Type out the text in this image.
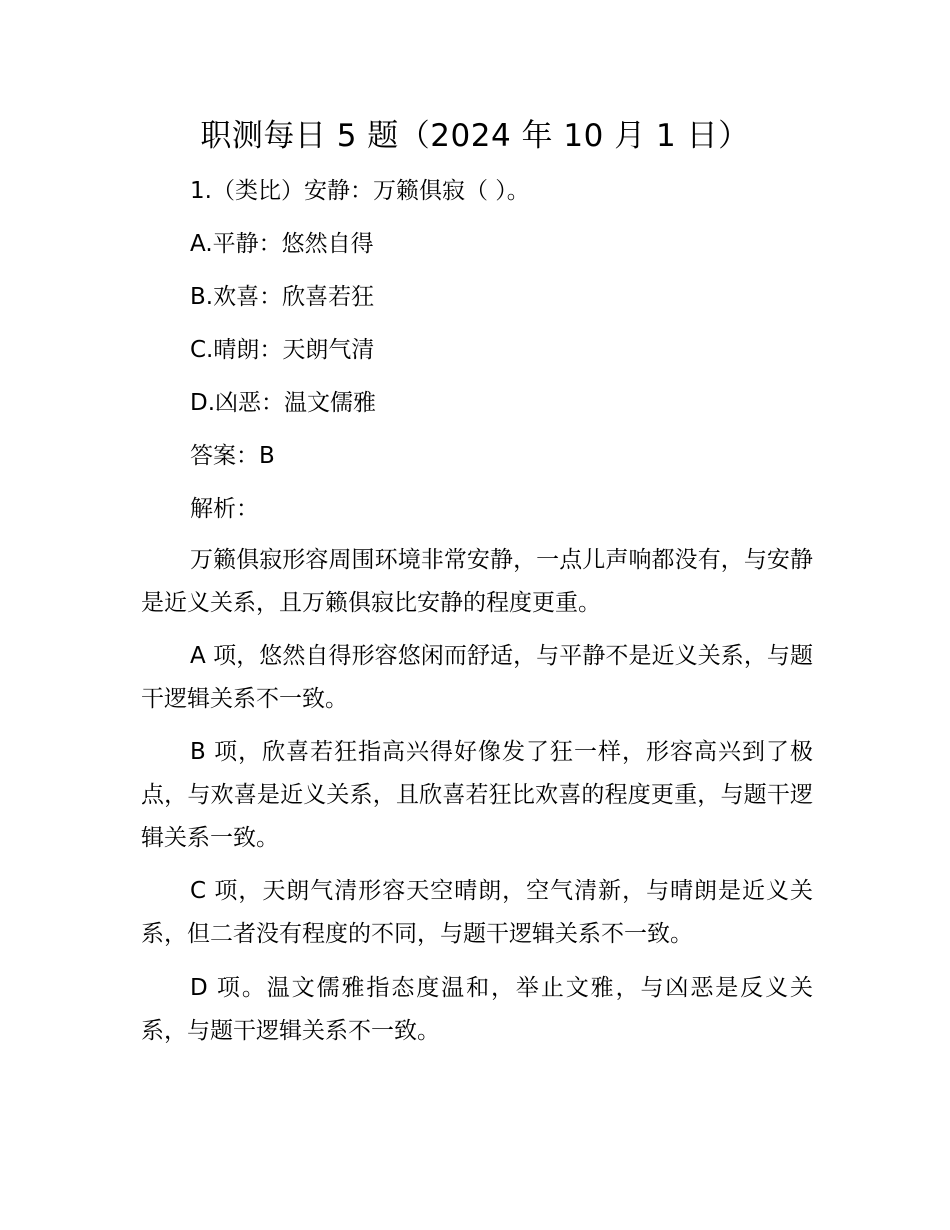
职测每日 5 题（2024 年 10 月 1 日）
1.（类比）安静：万籁俱寂（ ）。
A.平静：悠然自得
B.欢喜：欣喜若狂
C.晴朗：天朗气清
D.凶恶：温文儒雅
答案：B
解析：
万籁俱寂形容周围环境非常安静，一点儿声响都没有，与安静是近义关系，且万籁俱寂比安静的程度更重。
A 项，悠然自得形容悠闲而舒适，与平静不是近义关系，与题干逻辑关系不一致。
B 项，欣喜若狂指高兴得好像发了狂一样，形容高兴到了极点，与欢喜是近义关系，且欣喜若狂比欢喜的程度更重，与题干逻辑关系一致。
C 项，天朗气清形容天空晴朗，空气清新，与晴朗是近义关系，但二者没有程度的不同，与题干逻辑关系不一致。
D 项。温文儒雅指态度温和，举止文雅，与凶恶是反义关系，与题干逻辑关系不一致。
